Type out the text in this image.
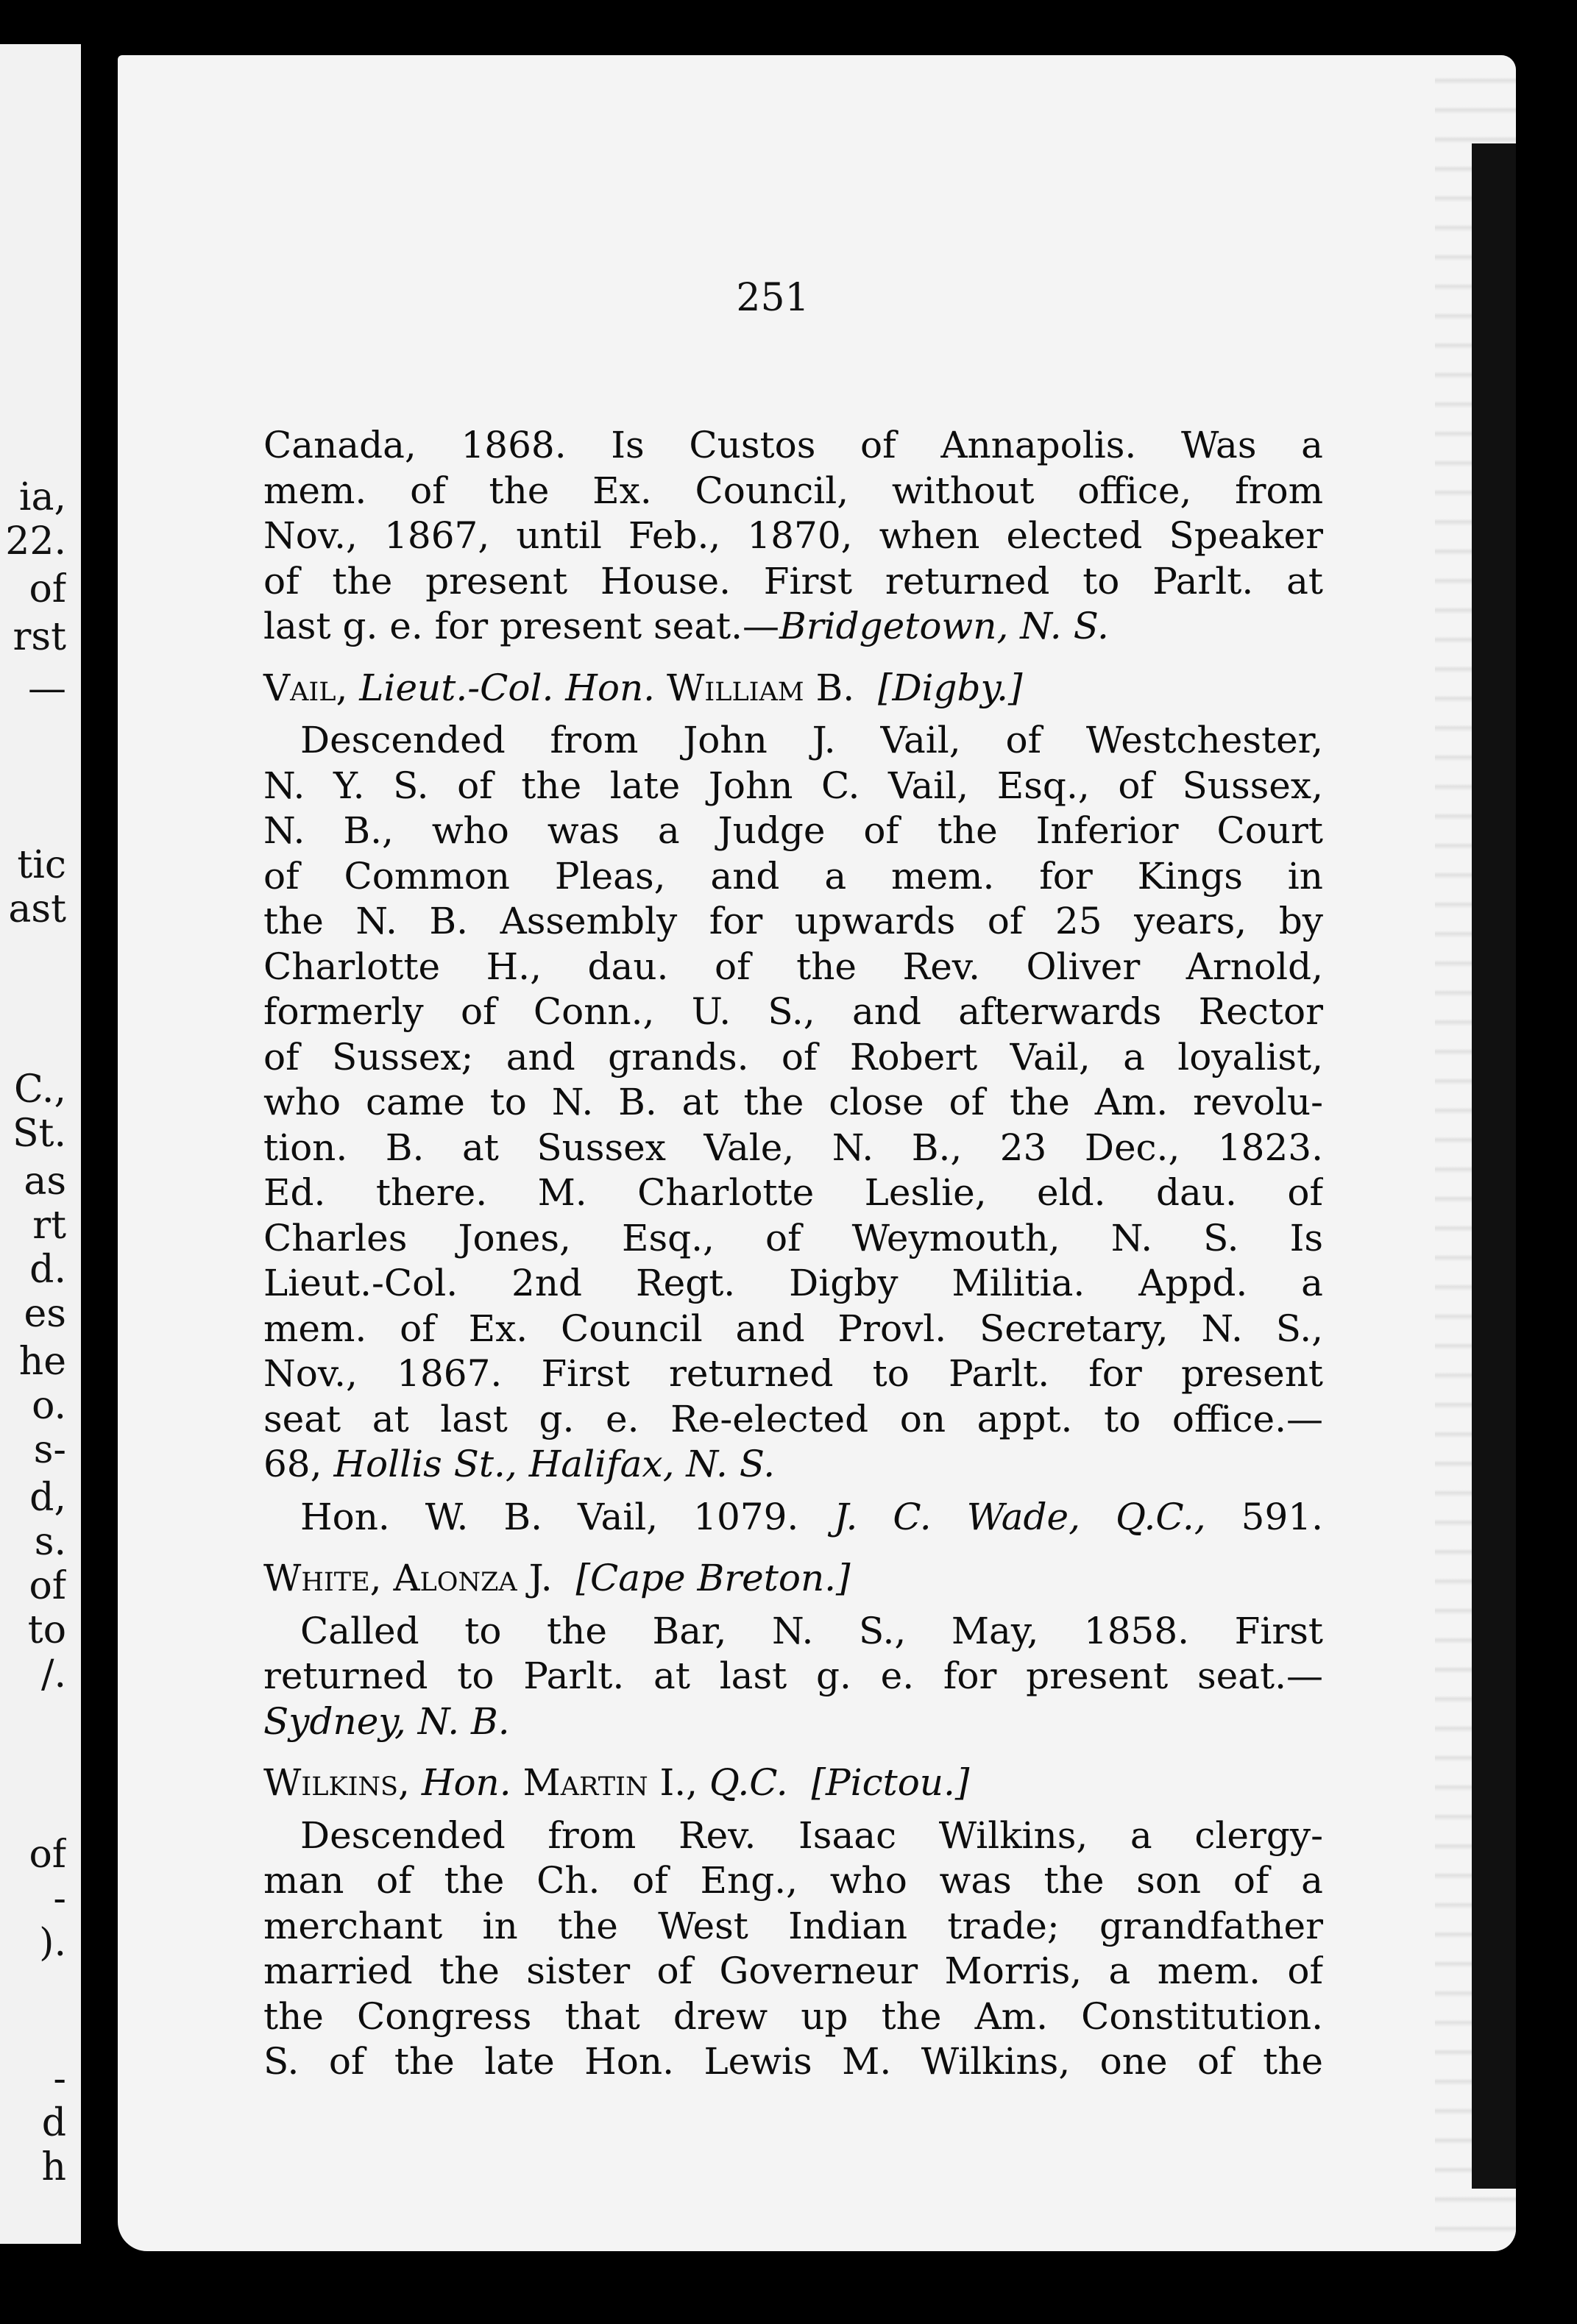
ia,
22.
of
rst
—
tic
ast
C.,
St.
as
rt
d.
es
he
o.
s-
d,
s.
of
to
/.
of
-
).
-
d
h
251
Canada, 1868. Is Custos of Annapolis. Was a
mem. of the Ex. Council, without office, from
Nov., 1867, until Feb., 1870, when elected Speaker
of the present House. First returned to Parlt. at
last g. e. for present seat.—Bridgetown, N. S.
Vail, Lieut.-Col. Hon. William B. [Digby.]
Descended from John J. Vail, of Westchester,
N. Y. S. of the late John C. Vail, Esq., of Sussex,
N. B., who was a Judge of the Inferior Court
of Common Pleas, and a mem. for Kings in
the N. B. Assembly for upwards of 25 years, by
Charlotte H., dau. of the Rev. Oliver Arnold,
formerly of Conn., U. S., and afterwards Rector
of Sussex; and grands. of Robert Vail, a loyalist,
who came to N. B. at the close of the Am. revolu-
tion. B. at Sussex Vale, N. B., 23 Dec., 1823.
Ed. there. M. Charlotte Leslie, eld. dau. of
Charles Jones, Esq., of Weymouth, N. S. Is
Lieut.-Col. 2nd Regt. Digby Militia. Appd. a
mem. of Ex. Council and Provl. Secretary, N. S.,
Nov., 1867. First returned to Parlt. for present
seat at last g. e. Re-elected on appt. to office.—
68, Hollis St., Halifax, N. S.
Hon. W. B. Vail, 1079. J. C. Wade, Q.C., 591.
White, Alonza J. [Cape Breton.]
Called to the Bar, N. S., May, 1858. First
returned to Parlt. at last g. e. for present seat.—
Sydney, N. B.
Wilkins, Hon. Martin I., Q.C. [Pictou.]
Descended from Rev. Isaac Wilkins, a clergy-
man of the Ch. of Eng., who was the son of a
merchant in the West Indian trade; grandfather
married the sister of Governeur Morris, a mem. of
the Congress that drew up the Am. Constitution.
S. of the late Hon. Lewis M. Wilkins, one of the
